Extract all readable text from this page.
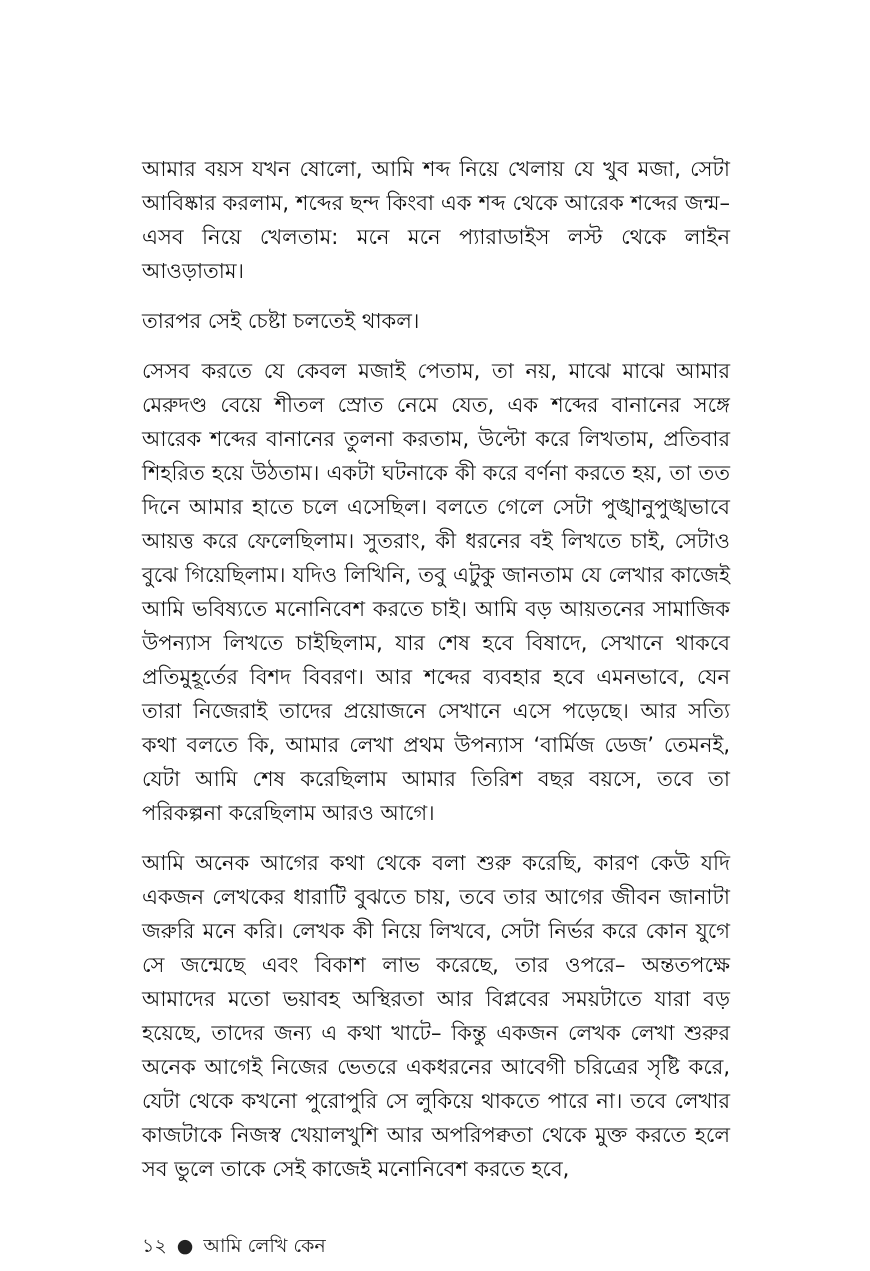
আমার বয়স যখন ষোলো, আমি শব্দ নিয়ে খেলায় যে খুব মজা, সেটা আবিষ্কার করলাম, শব্দের ছন্দ কিংবা এক শব্দ থেকে আরেক শব্দের জন্ম– এসব নিয়ে খেলতাম: মনে মনে প্যারাডাইস লস্ট থেকে লাইন আওড়াতাম।

তারপর সেই চেষ্টা চলতেই থাকল।

সেসব করতে যে কেবল মজাই পেতাম, তা নয়, মাঝে মাঝে আমার মেরুদণ্ড বেয়ে শীতল স্রোত নেমে যেত, এক শব্দের বানানের সঙ্গে আরেক শব্দের বানানের তুলনা করতাম, উল্টো করে লিখতাম, প্রতিবার শিহরিত হয়ে উঠতাম। একটা ঘটনাকে কী করে বর্ণনা করতে হয়, তা তত দিনে আমার হাতে চলে এসেছিল। বলতে গেলে সেটা পুঙ্খানুপুঙ্খভাবে আয়ত্ত করে ফেলেছিলাম। সুতরাং, কী ধরনের বই লিখতে চাই, সেটাও বুঝে গিয়েছিলাম। যদিও লিখিনি, তবু এটুকু জানতাম যে লেখার কাজেই আমি ভবিষ্যতে মনোনিবেশ করতে চাই। আমি বড় আয়তনের সামাজিক উপন্যাস লিখতে চাইছিলাম, যার শেষ হবে বিষাদে, সেখানে থাকবে প্রতিমুহূর্তের বিশদ বিবরণ। আর শব্দের ব্যবহার হবে এমনভাবে, যেন তারা নিজেরাই তাদের প্রয়োজনে সেখানে এসে পড়েছে। আর সত্যি কথা বলতে কি, আমার লেখা প্রথম উপন্যাস ‘বার্মিজ ডেজ’ তেমনই, যেটা আমি শেষ করেছিলাম আমার তিরিশ বছর বয়সে, তবে তা পরিকল্পনা করেছিলাম আরও আগে।

আমি অনেক আগের কথা থেকে বলা শুরু করেছি, কারণ কেউ যদি একজন লেখকের ধারাটি বুঝতে চায়, তবে তার আগের জীবন জানাটা জরুরি মনে করি। লেখক কী নিয়ে লিখবে, সেটা নির্ভর করে কোন যুগে সে জন্মেছে এবং বিকাশ লাভ করেছে, তার ওপরে– অন্ততপক্ষে আমাদের মতো ভয়াবহ অস্থিরতা আর বিপ্লবের সময়টাতে যারা বড় হয়েছে, তাদের জন্য এ কথা খাটে– কিন্তু একজন লেখক লেখা শুরুর অনেক আগেই নিজের ভেতরে একধরনের আবেগী চরিত্রের সৃষ্টি করে, যেটা থেকে কখনো পুরোপুরি সে লুকিয়ে থাকতে পারে না। তবে লেখার কাজটাকে নিজস্ব খেয়ালখুশি আর অপরিপক্বতা থেকে মুক্ত করতে হলে সব ভুলে তাকে সেই কাজেই মনোনিবেশ করতে হবে,

১২ ● আমি লেখি কেন
